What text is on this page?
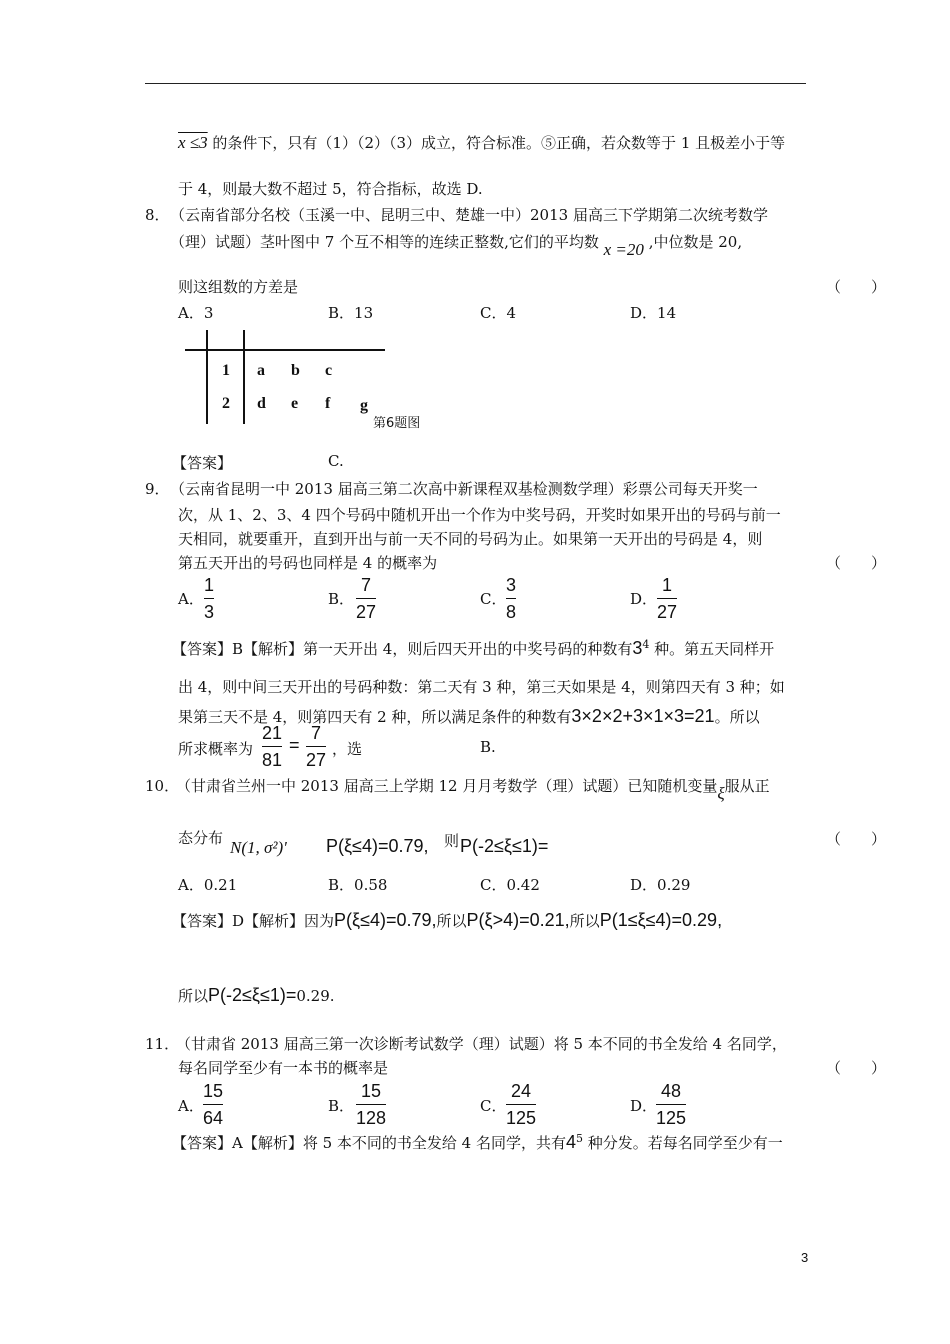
x ≤3 的条件下，只有（1）（2）（3）成立，符合标准。⑤正确，若众数等于 1 且极差小于等
于 4，则最大数不超过 5，符合指标，故选 D.
8． （云南省部分名校（玉溪一中、昆明三中、楚雄一中）2013 届高三下学期第二次统考数学
（理）试题）茎叶图中 7 个互不相等的连续正整数,它们的平均数 x =20 ,中位数是 20,
则这组数的方差是	（　　）
A．3	B．13	C．4	D．14
1 a b c
2 d e f g
第6题图
【答案】	C.
9． （云南省昆明一中 2013 届高三第二次高中新课程双基检测数学理）彩票公司每天开奖一
次，从 1、2、3、4 四个号码中随机开出一个作为中奖号码，开奖时如果开出的号码与前一
天相同，就要重开，直到开出与前一天不同的号码为止。如果第一天开出的号码是 4，则
第五天开出的号码也同样是 4 的概率为	（　　）
A．
1
3
B．
7
27
C．
3
8
D．
1
27
【答案】B【解析】第一天开出 4，则后四天开出的中奖号码的种数有$3^4$ 种。第五天同样开
出 4，则中间三天开出的号码种数：第二天有 3 种，第三天如果是 4，则第四天有 3 种；如
果第三天不是 4，则第四天有 2 种，所以满足条件的种数有3×2×2+3×1×3=21。所以
所求概率为
21
81
=
7
27
，选	B.
10．
（甘肃省兰州一中 2013 届高三上学期 12 月月考数学（理）试题）已知随机变量ξ服从正
态分布 N(1, σ²)' P(ξ≤4)=0.79, 则 P(-2≤ξ≤1)=	（　　）
A．0.21	B．0.58	C．0.42	D．0.29
【答案】D【解析】因为P(ξ≤4)=0.79,所以P(ξ>4)=0.21,所以P(1≤ξ≤4)=0.29,
所以P(-2≤ξ≤1)=0.29.
11．
（甘肃省 2013 届高三第一次诊断考试数学（理）试题）将 5 本不同的书全发给 4 名同学，
每名同学至少有一本书的概率是	（　　）
A．
15
64
B．
15
128
C．
24
125
D．
48
125
【答案】A【解析】将 5 本不同的书全发给 4 名同学，共有$4^5$ 种分发。若每名同学至少有一
3
